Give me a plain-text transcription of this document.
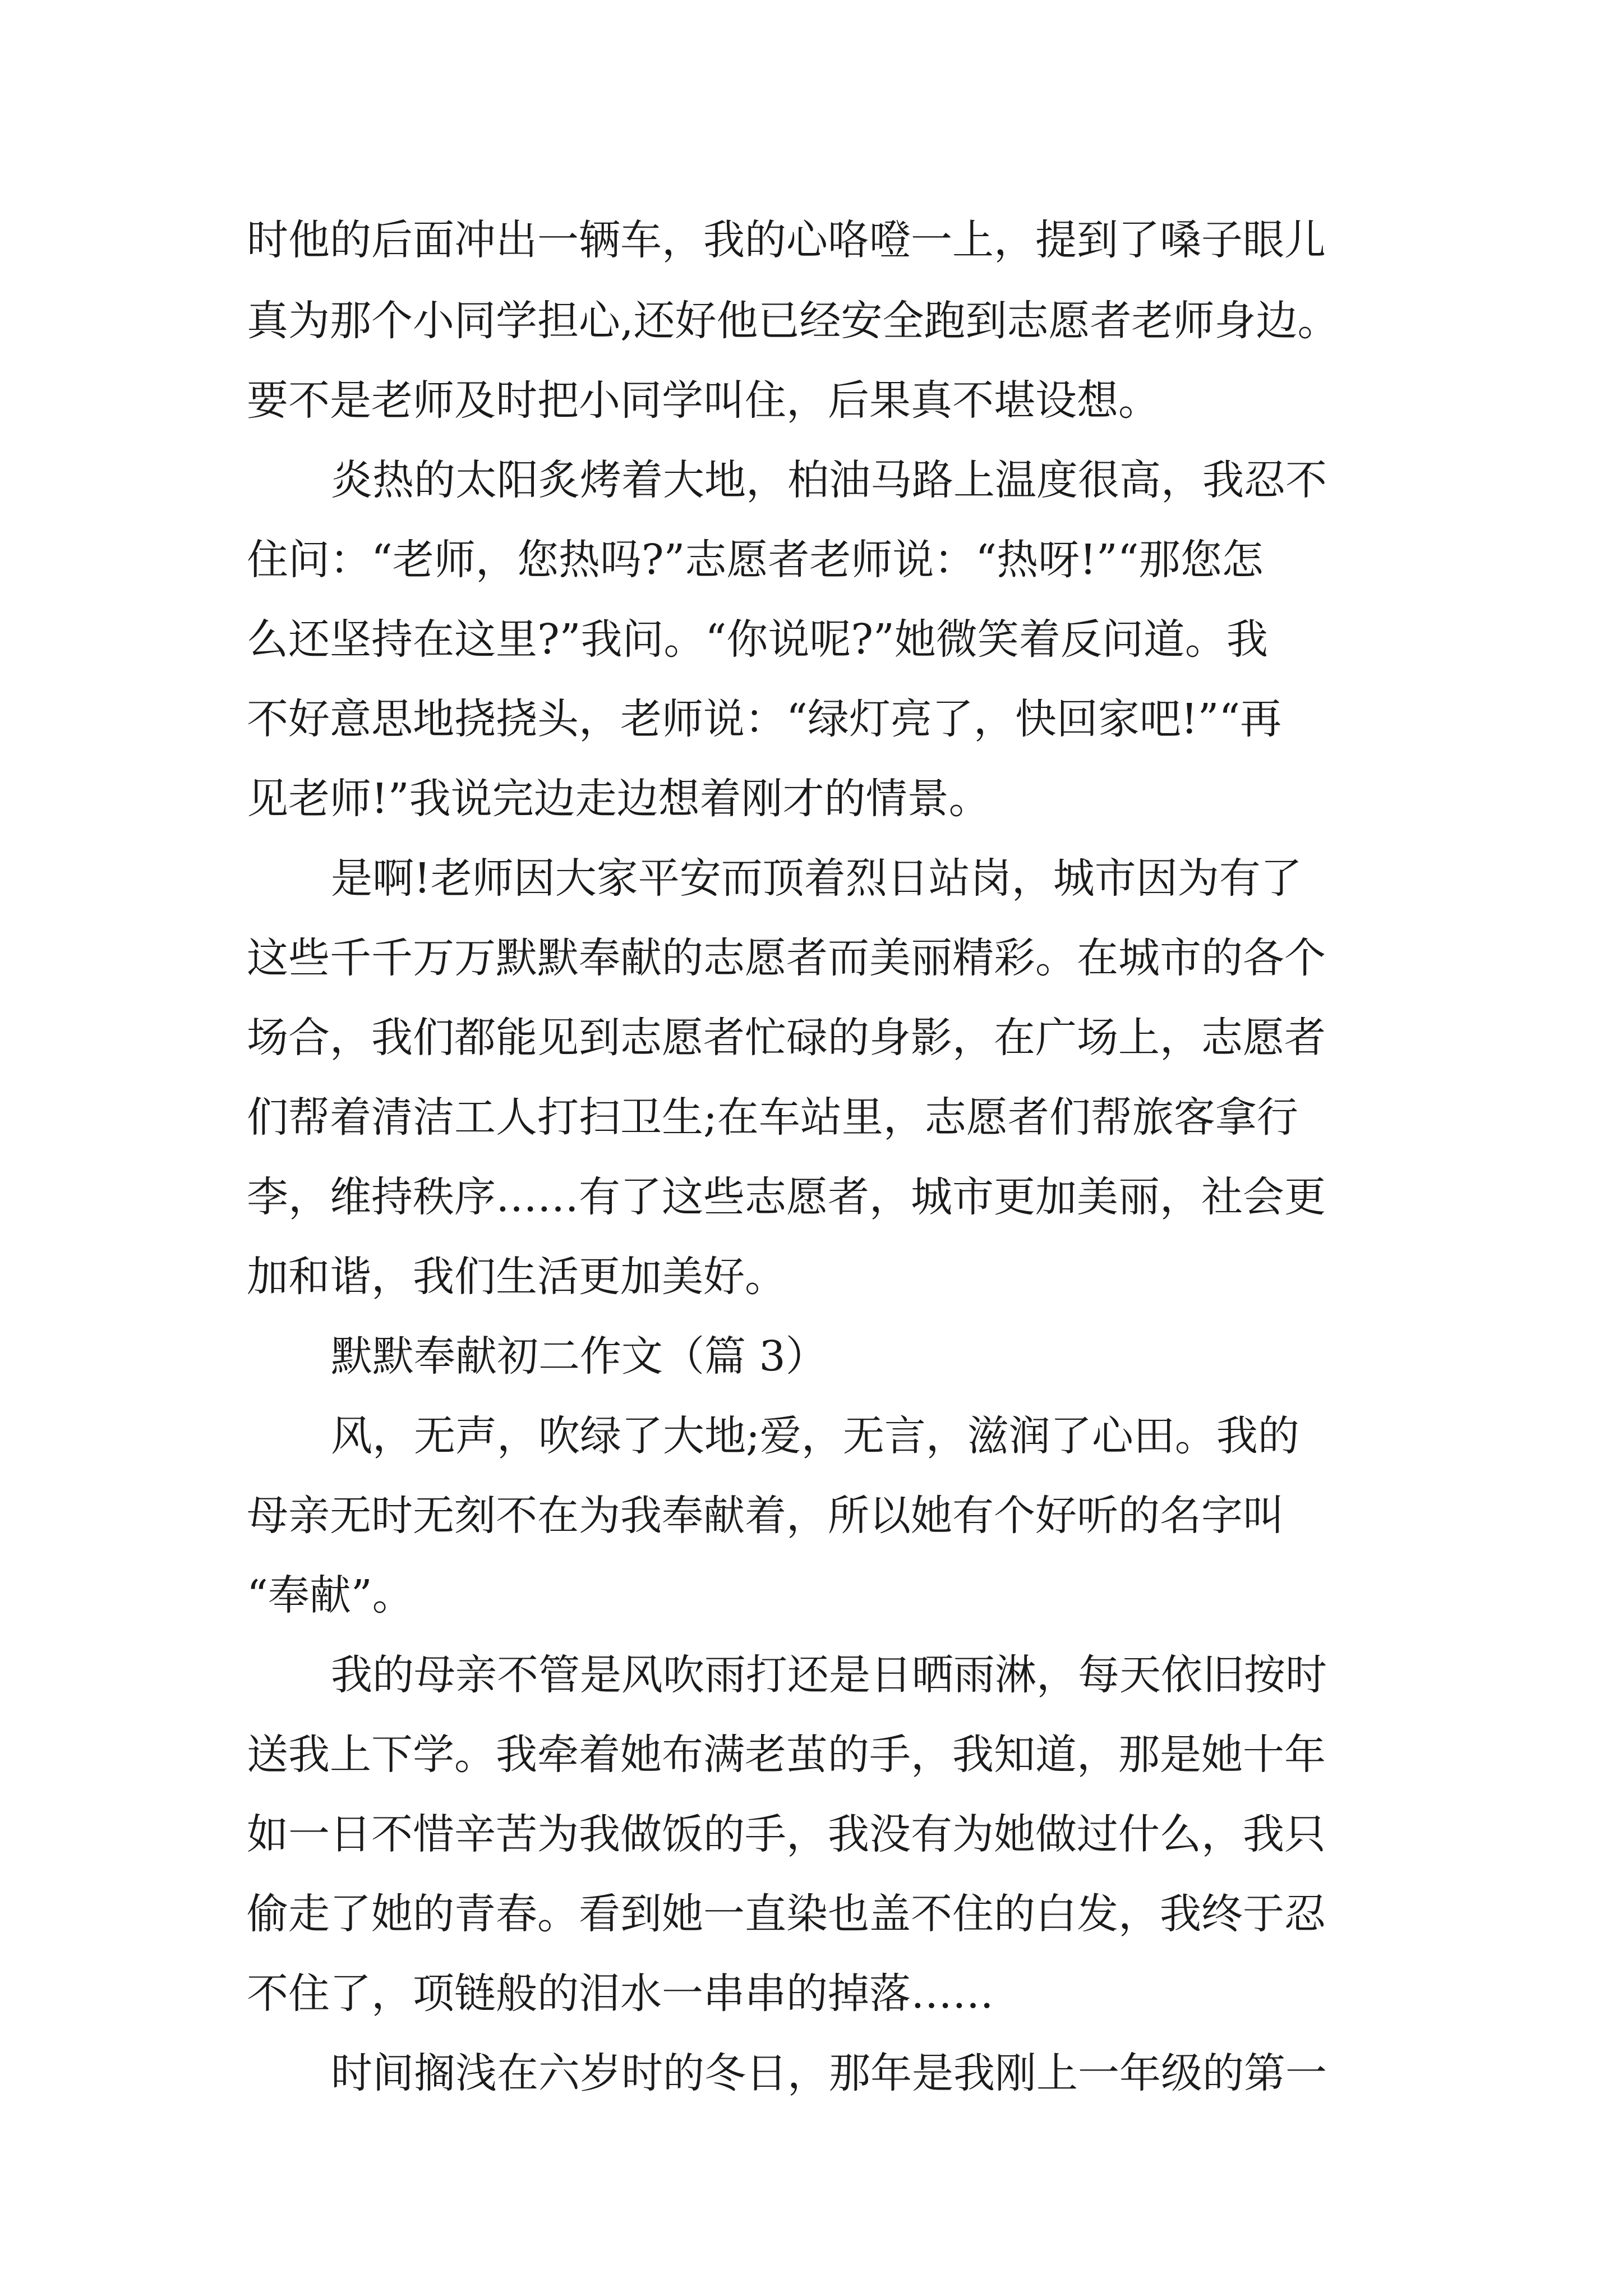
时他的后面冲出一辆车，我的心咯噔一上，提到了嗓子眼儿
真为那个小同学担心,还好他已经安全跑到志愿者老师身边。
要不是老师及时把小同学叫住，后果真不堪设想。
炎热的太阳炙烤着大地，柏油马路上温度很高，我忍不
住问：“老师，您热吗?”志愿者老师说：“热呀!”“那您怎
么还坚持在这里?”我问。“你说呢?”她微笑着反问道。我
不好意思地挠挠头，老师说：“绿灯亮了，快回家吧!”“再
见老师!”我说完边走边想着刚才的情景。
是啊!老师因大家平安而顶着烈日站岗，城市因为有了
这些千千万万默默奉献的志愿者而美丽精彩。在城市的各个
场合，我们都能见到志愿者忙碌的身影，在广场上，志愿者
们帮着清洁工人打扫卫生;在车站里，志愿者们帮旅客拿行
李，维持秩序……有了这些志愿者，城市更加美丽，社会更
加和谐，我们生活更加美好。
默默奉献初二作文（篇 3）
风，无声，吹绿了大地;爱，无言，滋润了心田。我的
母亲无时无刻不在为我奉献着，所以她有个好听的名字叫
“奉献”。
我的母亲不管是风吹雨打还是日晒雨淋，每天依旧按时
送我上下学。我牵着她布满老茧的手，我知道，那是她十年
如一日不惜辛苦为我做饭的手，我没有为她做过什么，我只
偷走了她的青春。看到她一直染也盖不住的白发，我终于忍
不住了，项链般的泪水一串串的掉落……
时间搁浅在六岁时的冬日，那年是我刚上一年级的第一
